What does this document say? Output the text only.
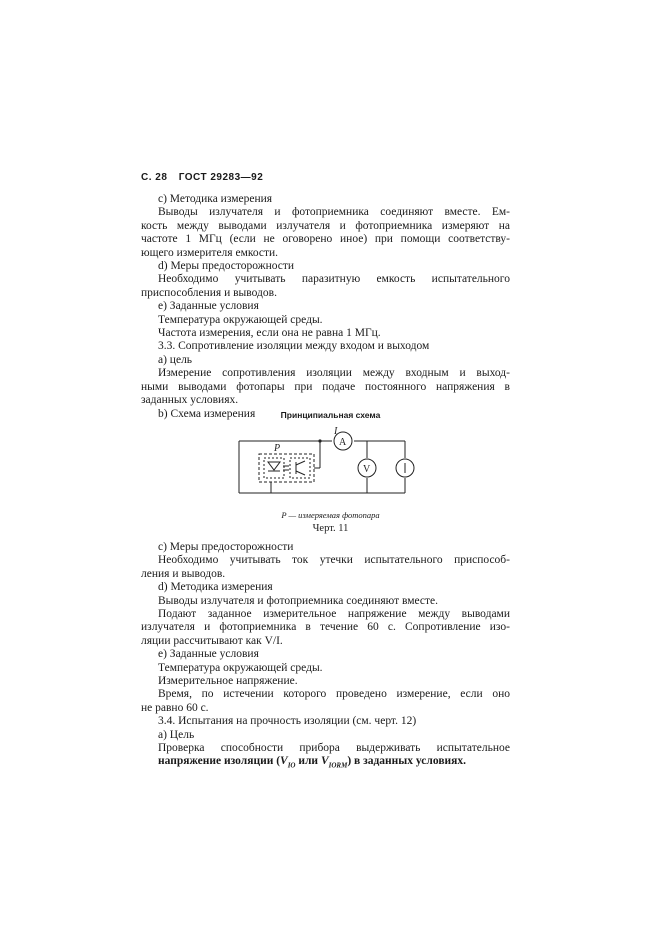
С. 28 ГОСТ 29283—92
с) Методика измерения
Выводы излучателя и фотоприемника соединяют вместе. Ем-
кость между выводами излучателя и фотоприемника измеряют на
частоте 1 МГц (если не оговорено иное) при помощи соответству-
ющего измерителя емкости.
d) Меры предосторожности
Необходимо учитывать паразитную емкость испытательного
приспособления и выводов.
е) Заданные условия
Температура окружающей среды.
Частота измерения, если она не равна 1 МГц.
3.3. Сопротивление изоляции между входом и выходом
а) цель
Измерение сопротивления изоляции между входным и выход-
ными выводами фотопары при подаче постоянного напряжения в
заданных условиях.
b) Схема измерения	Принципиальная схема
P
I
A
V
P — измеряемая фотопара
Черт. 11
с) Меры предосторожности
Необходимо учитывать ток утечки испытательного приспособ-
ления и выводов.
d) Методика измерения
Выводы излучателя и фотоприемника соединяют вместе.
Подают заданное измерительное напряжение между выводами
излучателя и фотоприемника в течение 60 с. Сопротивление изо-
ляции рассчитывают как V/I.
е) Заданные условия
Температура окружающей среды.
Измерительное напряжение.
Время, по истечении которого проведено измерение, если оно
не равно 60 с.
3.4. Испытания на прочность изоляции (см. черт. 12)
а) Цель
Проверка способности прибора выдерживать испытательное
напряжение изоляции ($V_{IO}$ или $V_{IORM}$) в заданных условиях.
